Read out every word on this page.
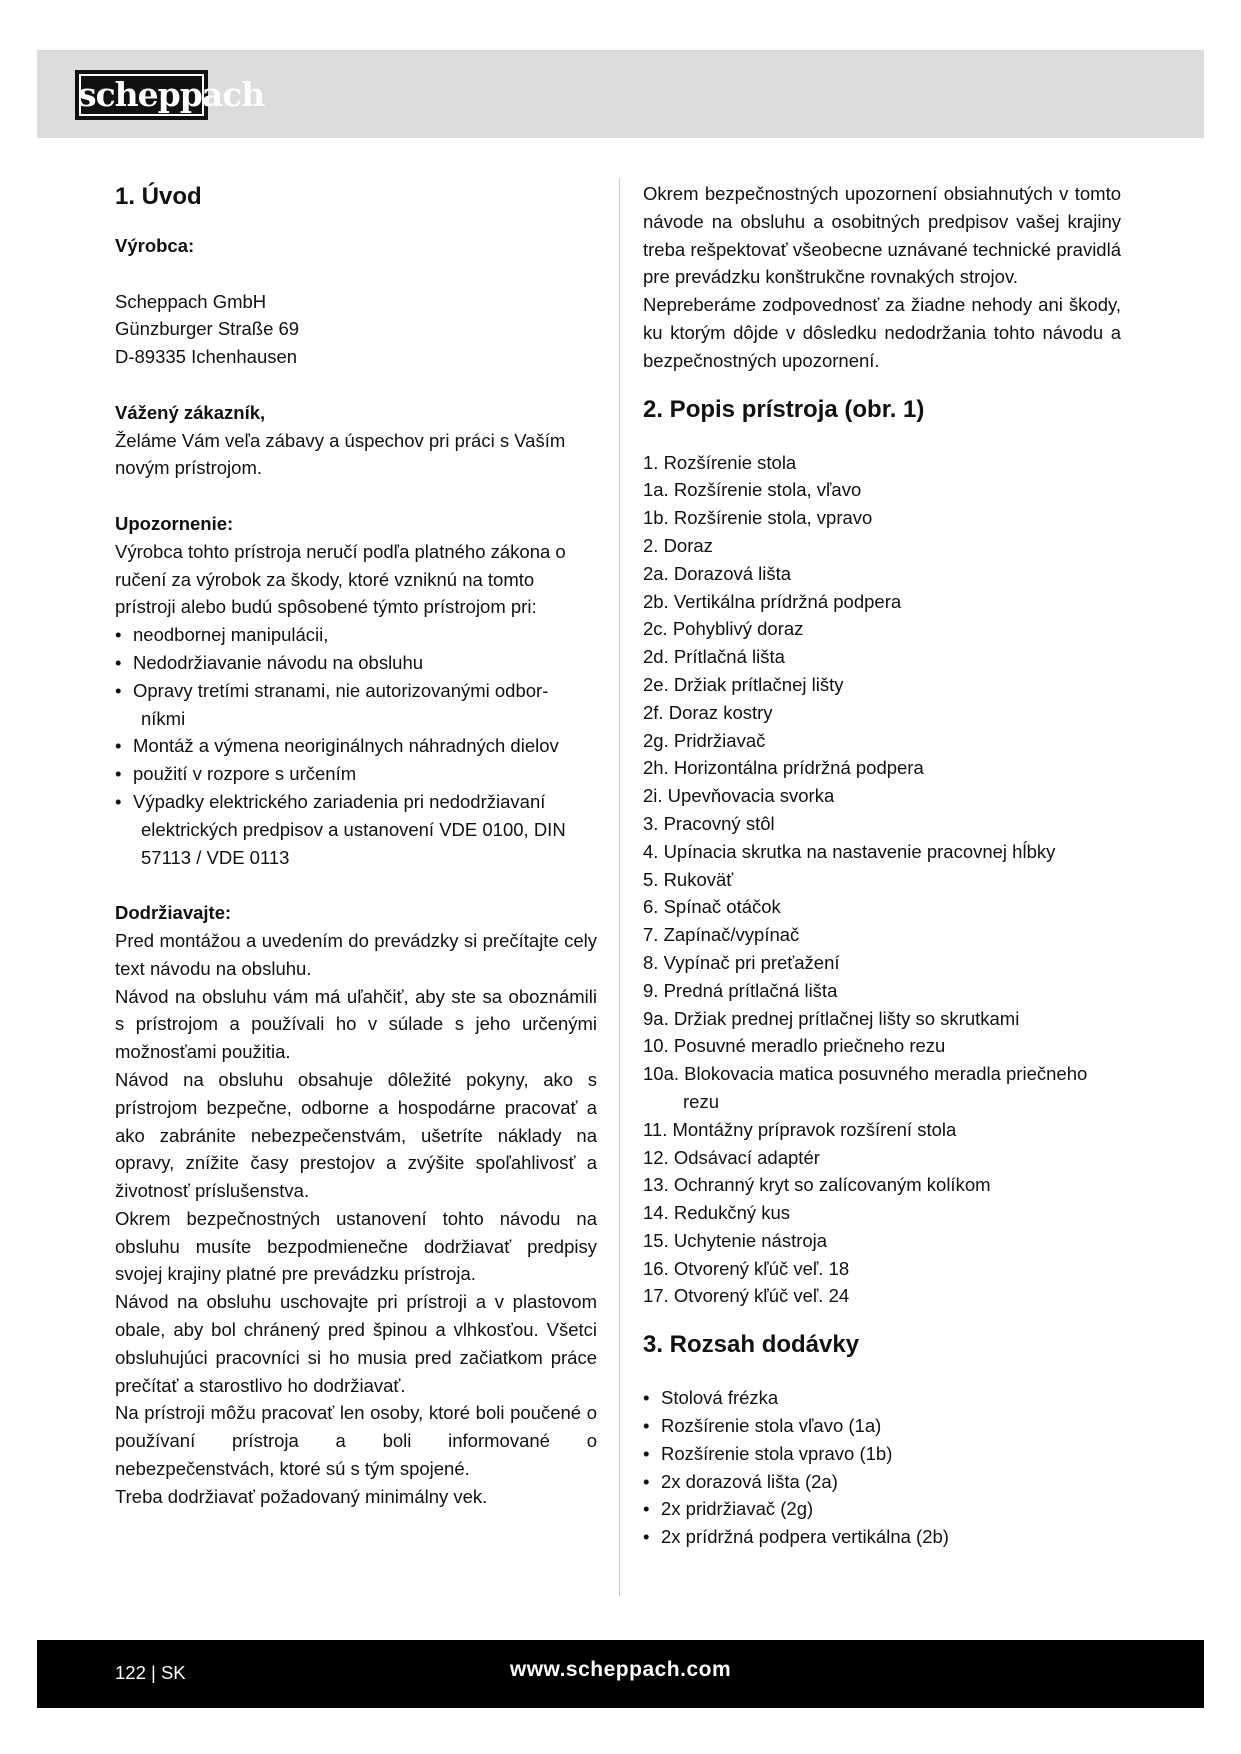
scheppach
1. Úvod
Výrobca:

Scheppach GmbH

Günzburger Straße 69

D-89335 Ichenhausen

Vážený zákazník,

Želáme Vám veľa zábavy a úspechov pri práci s Vaším novým prístrojom.

Upozornenie:

Výrobca tohto prístroja neručí podľa platného zákona o ručení za výrobok za škody, ktoré vzniknú na tomto prístroji alebo budú spôsobené týmto prístrojom pri:

• neodbornej manipulácii,
• Nedodržiavanie návodu na obsluhu
• Opravy tretími stranami, nie autorizovanými odbor-
níkmi
• Montáž a výmena neoriginálnych náhradných dielov
• použití v rozpore s určením
• Výpadky elektrického zariadenia pri nedodržiavaní
elektrických predpisov a ustanovení VDE 0100, DIN 57113 / VDE 0113
Dodržiavajte:

Pred montážou a uvedením do prevádzky si prečítajte cely text návodu na obsluhu.

Návod na obsluhu vám má uľahčiť, aby ste sa oboznámili s prístrojom a používali ho v súlade s jeho určenými možnosťami použitia.

Návod na obsluhu obsahuje dôležité pokyny, ako s prístrojom bezpečne, odborne a hospodárne pracovať a ako zabránite nebezpečenstvám, ušetríte náklady na opravy, znížite časy prestojov a zvýšite spoľahlivosť a životnosť príslušenstva.

Okrem bezpečnostných ustanovení tohto návodu na obsluhu musíte bezpodmienečne dodržiavať predpisy svojej krajiny platné pre prevádzku prístroja.

Návod na obsluhu uschovajte pri prístroji a v plastovom obale, aby bol chránený pred špinou a vlhkosťou. Všetci obsluhujúci pracovníci si ho musia pred začiatkom práce prečítať a starostlivo ho dodržiavať.

Na prístroji môžu pracovať len osoby, ktoré boli poučené o používaní prístroja a boli informované o nebezpečenstvách, ktoré sú s tým spojené.

Treba dodržiavať požadovaný minimálny vek.

Okrem bezpečnostných upozornení obsiahnutých v tomto návode na obsluhu a osobitných predpisov vašej krajiny treba rešpektovať všeobecne uznávané technické pravidlá pre prevádzku konštrukčne rovnakých strojov.

Nepreberáme zodpovednosť za žiadne nehody ani škody, ku ktorým dôjde v dôsledku nedodržania tohto návodu a bezpečnostných upozornení.

2. Popis prístroja (obr. 1)
1. Rozšírenie stola
1a. Rozšírenie stola, vľavo
1b. Rozšírenie stola, vpravo
2. Doraz
2a. Dorazová lišta
2b. Vertikálna prídržná podpera
2c. Pohyblivý doraz
2d. Prítlačná lišta
2e. Držiak prítlačnej lišty
2f. Doraz kostry
2g. Pridržiavač
2h. Horizontálna prídržná podpera
2i. Upevňovacia svorka
3. Pracovný stôl
4. Upínacia skrutka na nastavenie pracovnej hĺbky
5. Rukoväť
6. Spínač otáčok
7. Zapínač/vypínač
8. Vypínač pri preťažení
9. Predná prítlačná lišta
9a. Držiak prednej prítlačnej lišty so skrutkami
10. Posuvné meradlo priečneho rezu
10a. Blokovacia matica posuvného meradla priečneho
rezu
11. Montážny prípravok rozšírení stola
12. Odsávací adaptér
13. Ochranný kryt so zalícovaným kolíkom
14. Redukčný kus
15. Uchytenie nástroja
16. Otvorený kľúč veľ. 18
17. Otvorený kľúč veľ. 24
3. Rozsah dodávky
• Stolová frézka
• Rozšírenie stola vľavo (1a)
• Rozšírenie stola vpravo (1b)
• 2x dorazová lišta (2a)
• 2x pridržiavač (2g)
• 2x prídržná podpera vertikálna (2b)
122 | SK	www.scheppach.com
